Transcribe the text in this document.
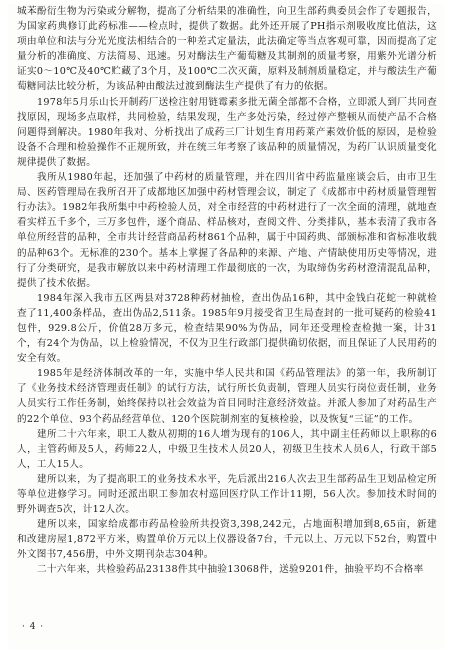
城苯酚衍生物为污染或分解物，提高了分析结果的准确性，向卫生部药典委员会作了专题报告，为国家药典修订此药标准——检点时，提供了数据。此外还开展了PH指示剂吸收度比值法，这项由单位和法与分光光度法相结合的一种差式定量法，此法确定等当点客观可靠，因而提高了定量分析的准确度、方法简易、迅速。另对酶法生产葡萄糖及其制剂的质量考察，用紫外光谱分析证实0～10℃及40℃贮藏了3个月，及100℃二次灭菌，原料及制剂质量稳定，并与酸法生产葡萄糖同法比较分析，为该品种由酸法过渡到酶法生产提供了有力的依据。

1978年5月乐山长开制药厂送检注射用链霉素多批无菌全部都不合格，立即派人到厂共同查找原因，现场多点取样，共同检验，结果发现，生产多处污染，经过停产整顿从而使产品不合格问题得到解决。1980年我对、分析找出了成药三厂计划生育用药莱产素效价低的原因，是检验设备不合理和检验操作不正规所致，并在统三年考察了该品种的质量情况，为药厂认识质量变化规律提供了数据。

我所从1980年起，还加强了中药材的质量管理，并在四川省中药监量座谈会后，由市卫生局、医药管理局在我所召开了成都地区加强中药材管理会议，制定了《成都市中药材质量管理暂行办法》。1982年我所集中中药检验人员，对全市经营的中药材进行了一次全面的清理，就地查看实样五千多个，三万多包件，逐个商品、样品核对，查阅文件、分类排队，基本表清了我市各单位所经营的品种，全市共计经营商品药材861个品种，属于中国药典、部颁标准和省标准收载的品种63个。无标准的230个。基本上掌握了各品种的来源、产地、产情缺使用历史等情况，进行了分类研究，是我市解放以来中药材清理工作最彻底的一次，为取缔伪劣药材澄清混乱品种，提供了技术依据。

1984年深入我市五区两县对3728种药材抽检，查出伪品16种，其中金钱白花蛇一种就检查了11,400条样品，查出伪品2,511条。1985年9月接受省卫生局查封的一批可疑药的检验41包件，929.8公斤，价值28万多元，检查结果90%为伪品，同年还受理检查检抛一案，计31个，有24个为伪品，以上检验情况，不仅为卫生行政部门提供确切依据，而且保证了人民用药的安全有效。

1985年是经济体制改革的一年，实施中华人民共和国《药品管理法》的第一年，我所制订了《业务技术经济管理责任制》的试行方法，试行所长负责制，管理人员实行岗位责任制，业务人员实行工作任务制，始终保持以社会效益为首目同时注意经济效益。并派人参加了对药品生产的22个单位、93个药品经营单位、120个医院制剂室的复核检验，以及恢复“三证”的工作。

建所二十六年来，职工人数从初期的16人增为现有的106人，其中副主任药师以上职称的6人，主管药师及5人，药师22人，中级卫生技术人员20人，初级卫生技术人员6人，行政干部5人，工人15人。

建所以来，为了提高职工的业务技术水平，先后派出216人次去卫生部药品生卫划品检定所等单位进修学习。同时还派出职工参加农村巡回医疗队工作计11期，56人次。参加技术时间的野外调查5次，计12人次。

建所以来，国家给成都市药品检验所共投资3,398,242元，占地面积增加到8,65亩，新建和改建房屋1,872平方米，购置单价万元以上仪器设备7台，千元以上、万元以下52台，购置中外文图书7,456册，中外文期刊杂志304种。

二十六年来，共检验药品23138件其中抽验13068件，送验9201件，抽验平均不合格率

· 4 ·
